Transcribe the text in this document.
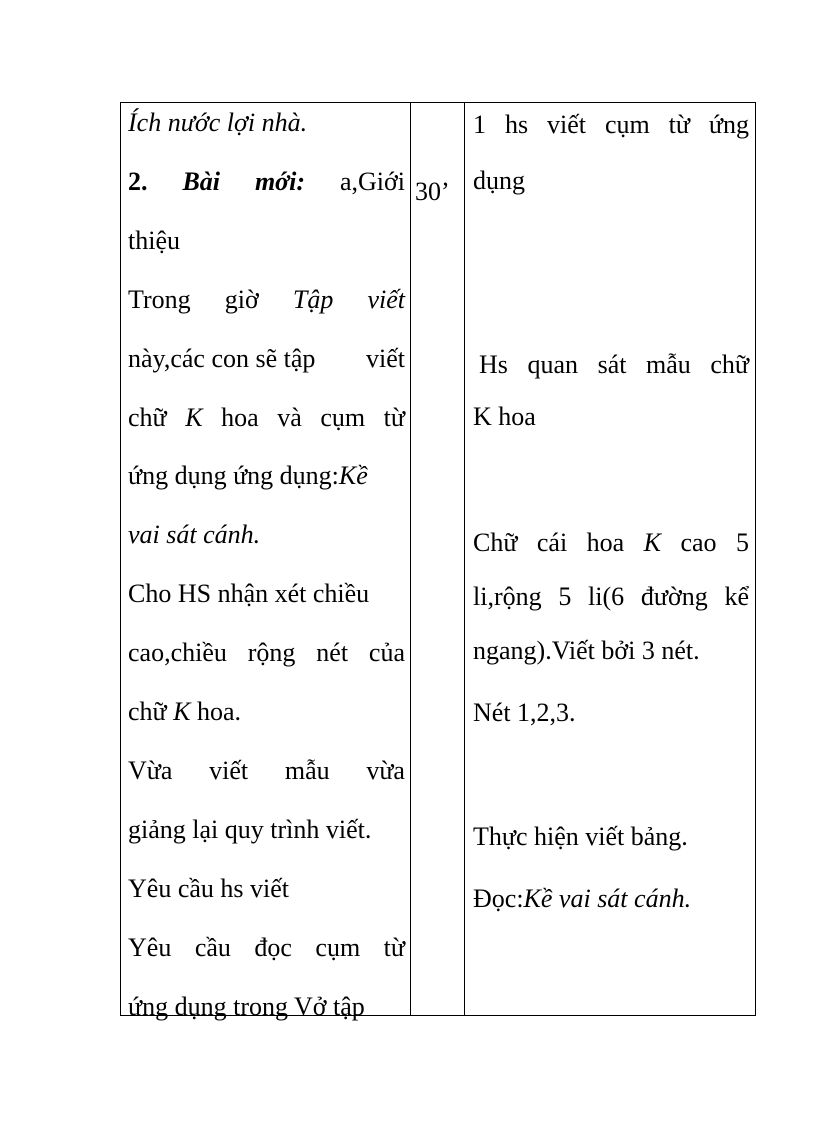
Ích nước lợi nhà.
2. Bài mới: a,Giới
thiệu
Trong giờ Tập viết
này,các con sẽ tập viết
chữ K hoa và cụm từ
ứng dụng ứng dụng:Kề
vai sát cánh.
Cho HS nhận xét chiều
cao,chiều rộng nét của
chữ K hoa.
Vừa viết mẫu vừa
giảng lại quy trình viết.
Yêu cầu hs viết
Yêu cầu đọc cụm từ
ứng dụng trong Vở tập
30’
1 hs viết cụm từ ứng
dụng
Hs quan sát mẫu chữ
K hoa
Chữ cái hoa K cao 5
li,rộng 5 li(6 đường kể
ngang).Viết bởi 3 nét.
Nét 1,2,3.
Thực hiện viết bảng.
Đọc:Kề vai sát cánh.
